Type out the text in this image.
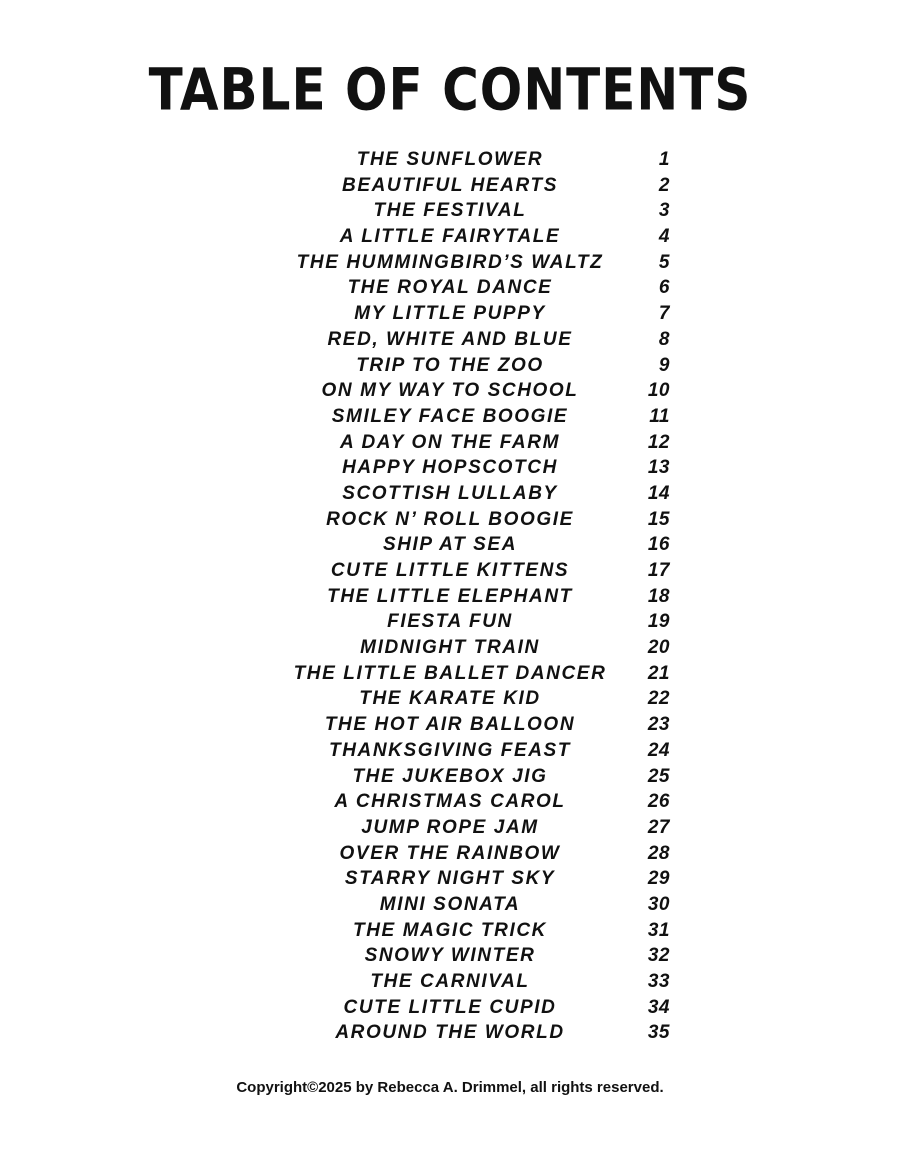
TABLE OF CONTENTS
THE SUNFLOWER	1
BEAUTIFUL HEARTS	2
THE FESTIVAL	3
A LITTLE FAIRYTALE	4
THE HUMMINGBIRD’S WALTZ	5
THE ROYAL DANCE	6
MY LITTLE PUPPY	7
RED, WHITE AND BLUE	8
TRIP TO THE ZOO	9
ON MY WAY TO SCHOOL	10
SMILEY FACE BOOGIE	11
A DAY ON THE FARM	12
HAPPY HOPSCOTCH	13
SCOTTISH LULLABY	14
ROCK N’ ROLL BOOGIE	15
SHIP AT SEA	16
CUTE LITTLE KITTENS	17
THE LITTLE ELEPHANT	18
FIESTA FUN	19
MIDNIGHT TRAIN	20
THE LITTLE BALLET DANCER	21
THE KARATE KID	22
THE HOT AIR BALLOON	23
THANKSGIVING FEAST	24
THE JUKEBOX JIG	25
A CHRISTMAS CAROL	26
JUMP ROPE JAM	27
OVER THE RAINBOW	28
STARRY NIGHT SKY	29
MINI SONATA	30
THE MAGIC TRICK	31
SNOWY WINTER	32
THE CARNIVAL	33
CUTE LITTLE CUPID	34
AROUND THE WORLD	35
Copyright©2025 by Rebecca A. Drimmel, all rights reserved.
